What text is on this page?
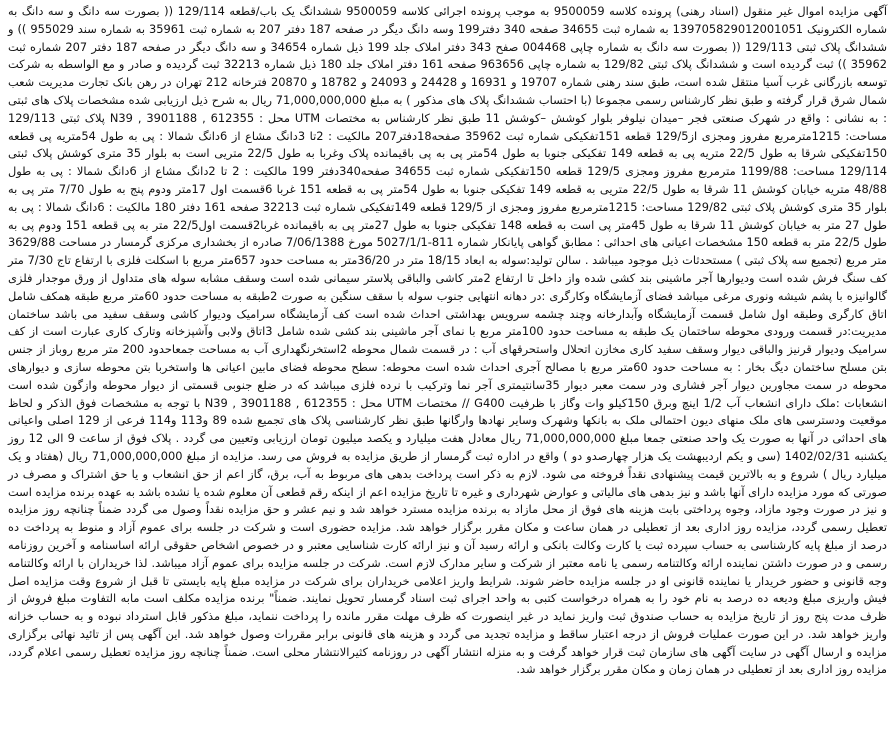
آگهی مزایده اموال غیر منقول (اسناد رهنی) پرونده کلاسه 9500059 به موجب پرونده اجرائی کلاسه 9500059 ششدانگ یک باب/قطعه 129/114 (( بصورت سه دانگ و سه دانگ به شماره الکترونیک 139705829012001051 به شماره ثبت 34655 صفحه 340 دفتر199 وسه دانگ دیگر در صفحه 187 دفتر 207 به شماره ثبت 35961 به شماره سند 955029 )) و ششدانگ پلاک ثبتی 129/113 (( بصورت سه دانگ به شماره چاپی 004468 صفح 343 دفتر املاک جلد 199 ذیل شماره 34654 و سه دانگ دیگر در صفحه 187 دفتر 207 شماره ثبت 35962 )) ثبت گردیده است و ششدانگ پلاک ثبتی 129/82 به شماره چاپی 963656 صفحه 161 دفتر املاک جلد 180 ذیل شماره 32213 ثبت گردیده و صادر و مع الواسطه به شرکت توسعه بازرگانی غرب آسیا منتقل شده است، طبق سند رهنی شماره 19707 و 16931 و 24428 و 24093 و 18782 و 20870 فترخانه 212 تهران در رهن بانک تجارت مدیریت شعب شمال شرق قرار گرفته و طبق نظر کارشناس رسمی مجموعا (با احتساب ششدانگ پلاک های مذکور ) به مبلغ 71,000,000,000 ریال به شرح ذیل ارزیابی شده مشخصات پلاک های ثبتی : به نشانی : واقع در شهرک صنعتی فجر –میدان نیلوفر بلوار کوشش –کوشش 11 طبق نظر کارشناس به مختصات UTM محل : 612355 , 3901188 , N39 پلاک ثبتی 129/113 مساحت: 1215مترمربع مفروز ومجزی از129/5 قطعه 151تفکیکی شماره ثبت 35962 صفحه18دفتر207 مالکیت : 2تا 3دانگ مشاع از 6دانگ شمالا : پی به طول 54متریه پی قطعه 150تفکیکی شرقا به طول 22/5 متریه پی به قطعه 149 تفکیکی جنوبا به طول 54متر پی به پی باقیمانده پلاک وغربا به طول 22/5 متریی است به بلوار 35 متری کوشش پلاک ثبتی 129/114 مساحت: 1199/88 مترمربع مفروز ومجزی 129/5 قطعه 150تفکیکی شماره ثبت 34655 صفحه340دفتر 199 مالکیت : 2 تا 2دانگ مشاع از 6دانگ شمالا : پی به طول 48/88 متریه خیابان کوشش 11 شرقا به طول 22/5 متریی به قطعه 149 تفکیکی جنوبا به طول 54متر پی به قطعه 151 غربا 6قسمت اول 17متر ودوم پنج به طول 7/70 متر پی به بلوار 35 متری کوشش پلاک ثبتی 129/82 مساحت: 1215مترمربع مفروز ومجزی از 129/5 قطعه 149تفکیکی شماره ثبت 32213 صفحه 161 دفتر 180 مالکیت : 6دانگ شمالا : پی به طول 27 متر به خیابان کوشش 11 شرقا به طول 45متر پی است به قطعه 148 تفکیکی جنوبا به طول 27متر پی به باقیمانده غربا2قسمت اول22/5 متر به پی قطعه 151 ودوم پی به طول 22/5 متر به قطعه 150 مشخصات اعیانی های احداثی : مطابق گواهی پایانکار شماره 811-5027/1/1 مورخ 7/06/1388 صادره از بخشداری مرکزی گرمسار در مساحت 3629/88 متر مربع (تجمیع سه پلاک ثبتی ) مستحدثات ذیل موجود میباشد . سالن تولید:سوله به ابعاد 18/15 متر در 36/20متر به مساحت حدود 657متر مربع با اسکلت فلزی با ارتفاع تاج 7/30 متر کف سنگ فرش شده است ودیوارها آجر ماشینی بند کشی شده واز داخل تا ارتفاع 2متر کاشی والباقی پلاستر سیمانی شده است وسقف مشابه سوله های متداول از ورق موجدار فلزی گالوانیزه با پشم شیشه ونوری مرغی میباشد فضای آزمایشگاه وکارگری :در دهانه انتهایی جنوب سوله با سقف سنگین به صورت 2طبقه به مساحت حدود 60متر مربع طبقه همکف شامل اتاق کارگری وطبقه اول شامل قسمت آزمایشگاه وآبدارخانه وچند چشمه سرویس بهداشتی احداث شده است کف آزمایشگاه سرامیک ودیوار کاشی وسقف سفید می باشد ساختمان مدیریت:در قسمت ورودی محوطه ساختمان یک طبقه به مساحت حدود 100متر مربع با نمای آجر ماشینی بند کشی شده شامل 3اتاق ولابی وآشپزخانه وتارک کاری عبارت است از کف سرامیک ودیوار قرنیز والباقی دیوار وسقف سفید کاری مخازن اتحلال واستحرقهای آب : در قسمت شمال محوطه 2استخرنگهداری آب به مساحت جمعاحدود 200 متر مربع روباز از جنس بتن مسلح ساختمان دیگ بخار : به مساحت حدود 60متر مربع با مصالح آجری احداث شده است محوطه: سطح محوطه فضای مابین اعیانی ها واستخربا بتن محوطه سازی و دیوارهای محوطه در سمت مجاورین دیوار آجر فشاری ودر سمت معبر دیوار 35سانتیمتری آجر نما وترکیب با نرده فلزی میباشد که در ضلع جنوبی قسمتی از دیوار محوطه وازگون شده است انشعابات :ملک دارای انشعاب آب 1/2 اینچ وبرق 150کیلو وات وگاز با ظرفیت G400 // مختصات UTM محل : 612355 , 3901188 , N39 با توجه به مشخصات فوق الذکر و لحاظ موقعیت ودسترسی های ملک منهای دیون احتمالی ملک به بانکها وشهرک وسایر نهادها وارگانها طبق نظر کارشناسی پلاک های تجمیع شده 89 و113 و114 فرعی از 129 اصلی واعیانی های احداثی در آنها به صورت یک واحد صنعتی جمعا مبلغ 71,000,000,000 ریال معادل هفت میلیارد و یکصد میلیون تومان ارزیابی وتعیین می گردد . پلاک فوق از ساعت 9 الی 12 روز یکشنبه 1402/02/31 (سی و یکم اردیبهشت یک هزار چهارصدو دو ) واقع در اداره ثبت گرمسار از طریق مزایده به فروش می رسد. مزایده از مبلغ 71,000,000,000 ریال (هفتاد و یک میلیارد ریال ) شروع و به بالاترین قیمت پیشنهادی نقداً فروخته می شود. لازم به ذکر است پرداخت بدهی های مربوط به آب، برق، گاز اعم از حق انشعاب و یا حق اشتراک و مصرف در صورتی که مورد مزایده دارای آنها باشد و نیز بدهی های مالیاتی و عوارض شهرداری و غیره تا تاریخ مزایده اعم از اینکه رقم قطعی آن معلوم شده یا نشده باشد به عهده برنده مزایده است و نیز در صورت وجود مازاد، وجوه پرداختی بابت هزینه های فوق از محل مازاد به برنده مزایده مسترد خواهد شد و نیم عشر و حق مزایده نقداً وصول می گردد ضمناً چنانچه روز مزایده تعطیل رسمی گردد، مزایده روز اداری بعد از تعطیلی در همان ساعت و مکان مقرر برگزار خواهد شد. مزایده حضوری است و شرکت در جلسه برای عموم آزاد و منوط به پرداخت ده درصد از مبلغ پایه کارشناسی به حساب سپرده ثبت یا کارت وکالت بانکی و ارائه رسید آن و نیز ارائه کارت شناسایی معتبر و در خصوص اشخاص حقوقی ارائه اساسنامه و آخرین روزنامه رسمی و در صورت داشتن نماینده ارائه وکالتنامه رسمی یا نامه معتبر از شرکت و سایر مدارک لازم است. شرکت در جلسه مزایده برای عموم آزاد میباشد. لذا خریداران با ارائه وکالتنامه وجه قانونی و حضور خریدار یا نماینده قانونی او در جلسه مزایده حاضر شوند. شرایط واریز اعلامی خریداران برای شرکت در مزایده مبلغ پایه بایستی تا قبل از شروع وقت مزایده اصل فیش واریزی مبلغ ودیعه ده درصد به نام خود را به همراه درخواست کتبی به واحد اجرای ثبت اسناد گرمسار تحویل نمایند. ضمناً" برنده مزایده مکلف است مابه التفاوت مبلغ فروش از ظرف مدت پنج روز از تاریخ مزایده به حساب صندوق ثبت واریز نماید در غیر اینصورت که ظرف مهلت مقرر مانده را پرداخت ننماید، مبلغ مذکور قابل استرداد نبوده و به حساب خزانه واریز خواهد شد. در این صورت عملیات فروش از درجه اعتبار ساقط و مزایده تجدید می گردد و هزینه های قانونی برابر مقررات وصول خواهد شد. این آگهی پس از تائید نهائی برگزاری مزایده و ارسال آگهی در سایت آگهی های سازمان ثبت قرار خواهد گرفت و به منزله انتشار آگهی در روزنامه کثیرالانتشار محلی است. ضمناً چنانچه روز مزایده تعطیل رسمی اعلام گردد، مزایده روز اداری بعد از تعطیلی در همان زمان و مکان مقرر برگزار خواهد شد.
